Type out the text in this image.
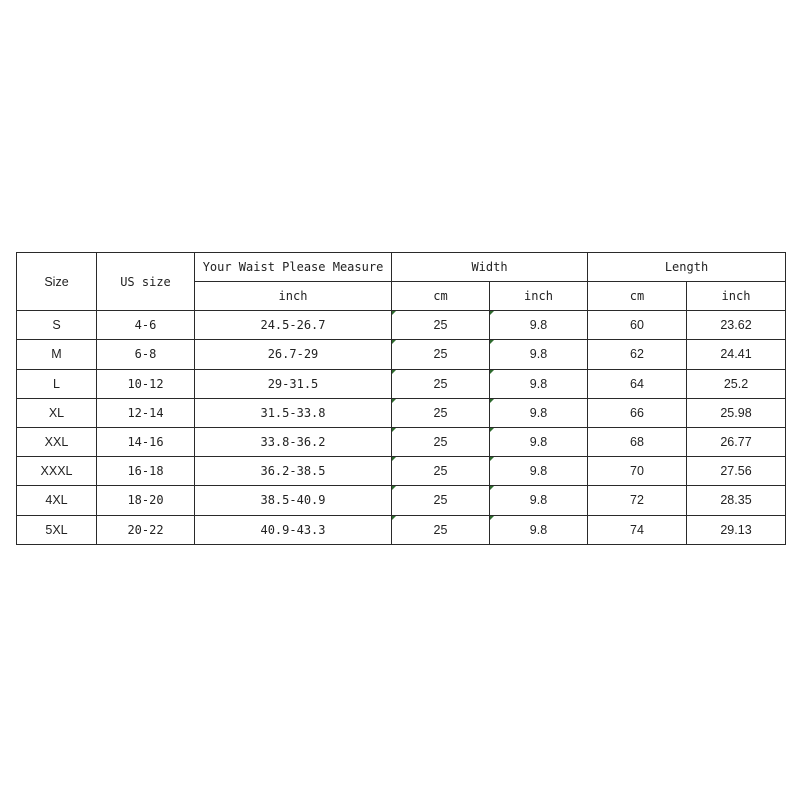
Size	US size	Your Waist Please Measure	Width		Length	
		inch	cm	inch	cm	inch
S	4-6	24.5-26.7	25	9.8	60	23.62
M	6-8	26.7-29	25	9.8	62	24.41
L	10-12	29-31.5	25	9.8	64	25.2
XL	12-14	31.5-33.8	25	9.8	66	25.98
XXL	14-16	33.8-36.2	25	9.8	68	26.77
XXXL	16-18	36.2-38.5	25	9.8	70	27.56
4XL	18-20	38.5-40.9	25	9.8	72	28.35
5XL	20-22	40.9-43.3	25	9.8	74	29.13
